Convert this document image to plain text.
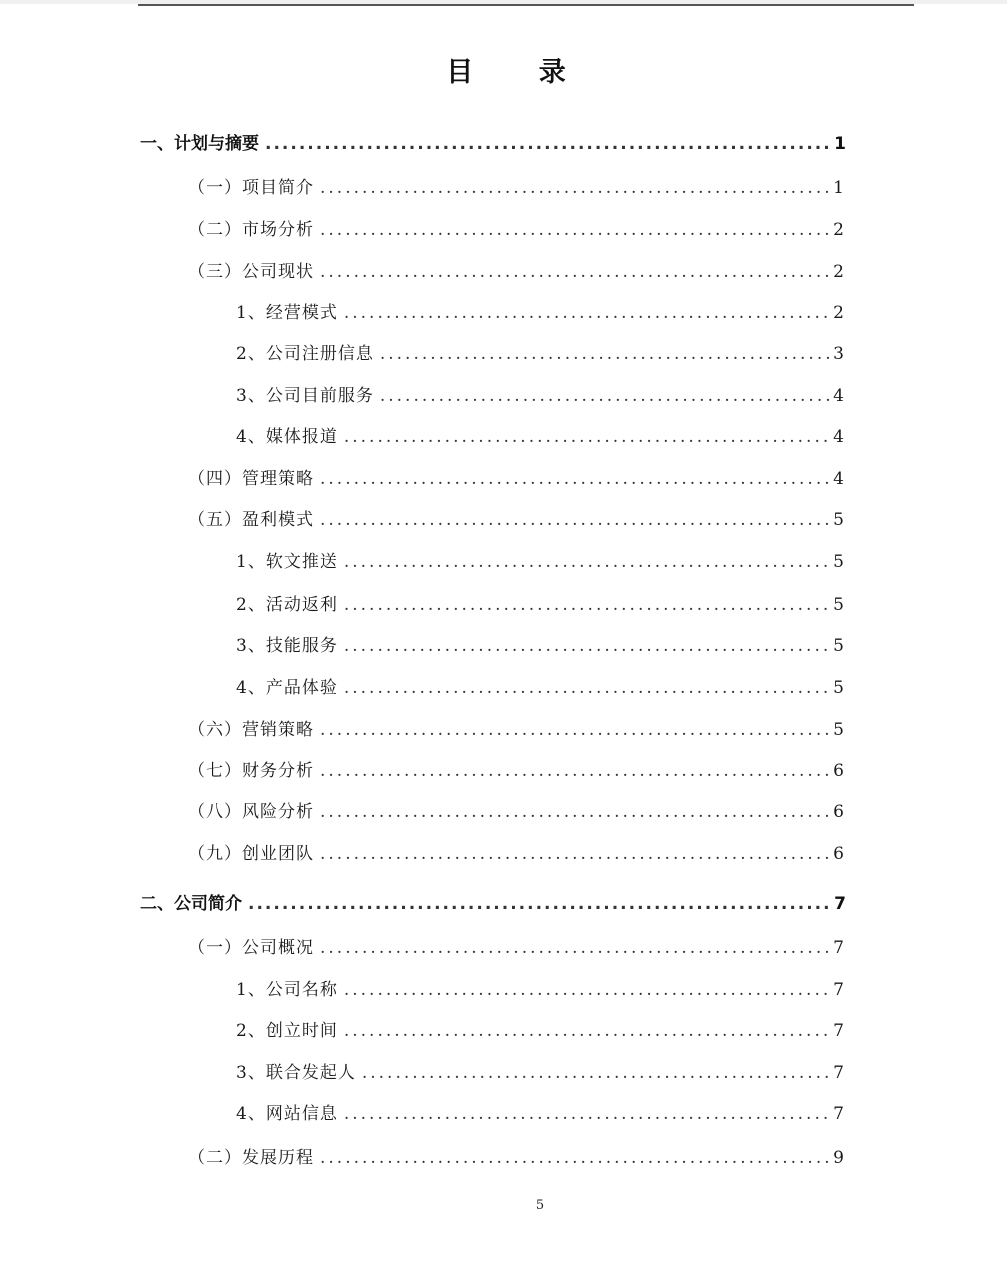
目 录
一、计划与摘要 .....	1
（一）项目简介 .....	1
（二）市场分析 .....	2
（三）公司现状 .....	2
1、经营模式 .....	2
2、公司注册信息 .....	3
3、公司目前服务 .....	4
4、媒体报道 .....	4
（四）管理策略 .....	4
（五）盈利模式 .....	5
1、软文推送 .....	5
2、活动返利 .....	5
3、技能服务 .....	5
4、产品体验 .....	5
（六）营销策略 .....	5
（七）财务分析 .....	6
（八）风险分析 .....	6
（九）创业团队 .....	6
二、公司简介 .....	7
（一）公司概况 .....	7
1、公司名称 .....	7
2、创立时间 .....	7
3、联合发起人 .....	7
4、网站信息 .....	7
（二）发展历程 .....	9
5
